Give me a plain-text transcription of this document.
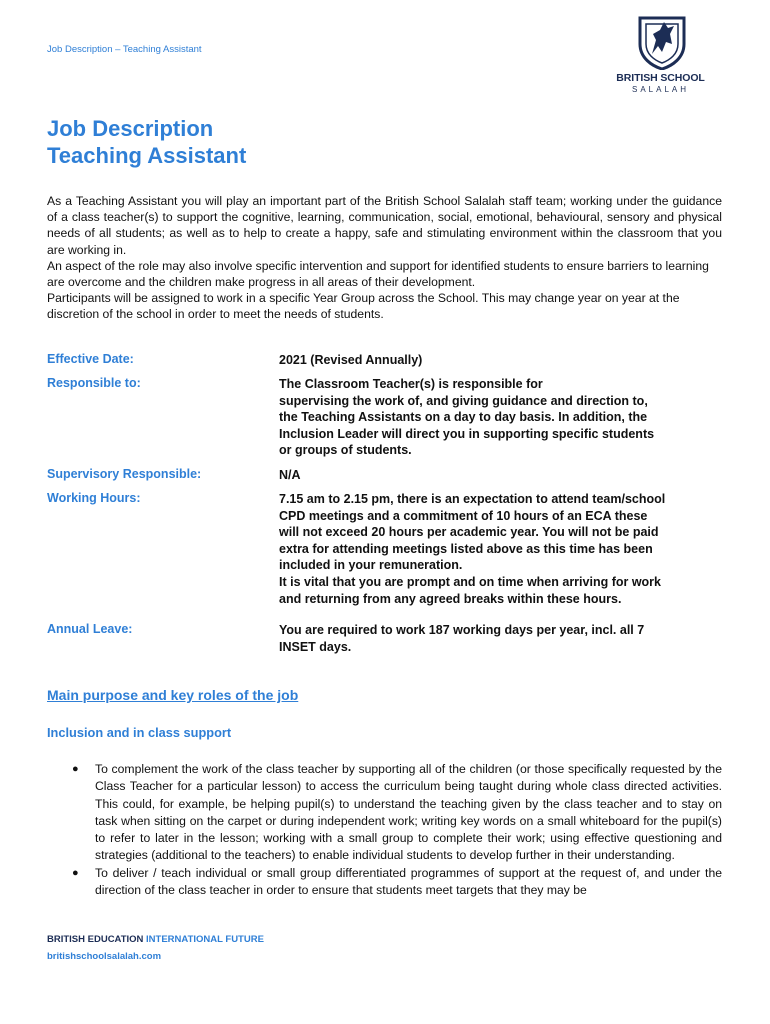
Job Description – Teaching Assistant
BRITISH SCHOOL
SALALAH
Job Description
Teaching Assistant

As a Teaching Assistant you will play an important part of the British School Salalah staff team; working under the guidance of a class teacher(s) to support the cognitive, learning, communication, social, emotional, behavioural, sensory and physical needs of all students; as well as to help to create a happy, safe and stimulating environment within the classroom that you are working in.

An aspect of the role may also involve specific intervention and support for identified students to ensure barriers to learning are overcome and the children make progress in all areas of their development.

Participants will be assigned to work in a specific Year Group across the School. This may change year on year at the discretion of the school in order to meet the needs of students.

Effective Date:	2021 (Revised Annually)
Responsible to:	The Classroom Teacher(s) is responsible for
supervising the work of, and giving guidance and direction to,
the Teaching Assistants on a day to day basis. In addition, the
Inclusion Leader will direct you in supporting specific students
or groups of students.
Supervisory Responsible:	N/A
Working Hours:	7.15 am to 2.15 pm, there is an expectation to attend team/school
CPD meetings and a commitment of 10 hours of an ECA these
will not exceed 20 hours per academic year. You will not be paid
extra for attending meetings listed above as this time has been
included in your remuneration.
It is vital that you are prompt and on time when arriving for work
and returning from any agreed breaks within these hours.
Annual Leave:	You are required to work 187 working days per year, incl. all 7
INSET days.
Main purpose and key roles of the job
Inclusion and in class support
● To complement the work of the class teacher by supporting all of the children (or those specifically requested by the Class Teacher for a particular lesson) to access the curriculum being taught during whole class directed activities. This could, for example, be helping pupil(s) to understand the teaching given by the class teacher and to stay on task when sitting on the carpet or during independent work; writing key words on a small whiteboard for the pupil(s) to refer to later in the lesson; working with a small group to complete their work; using effective questioning and strategies (additional to the teachers) to enable individual students to develop further in their understanding.
● To deliver / teach individual or small group differentiated programmes of support at the request of, and under the direction of the class teacher in order to ensure that students meet targets that they may be
BRITISH EDUCATION INTERNATIONAL FUTURE
britishschoolsalalah.com
